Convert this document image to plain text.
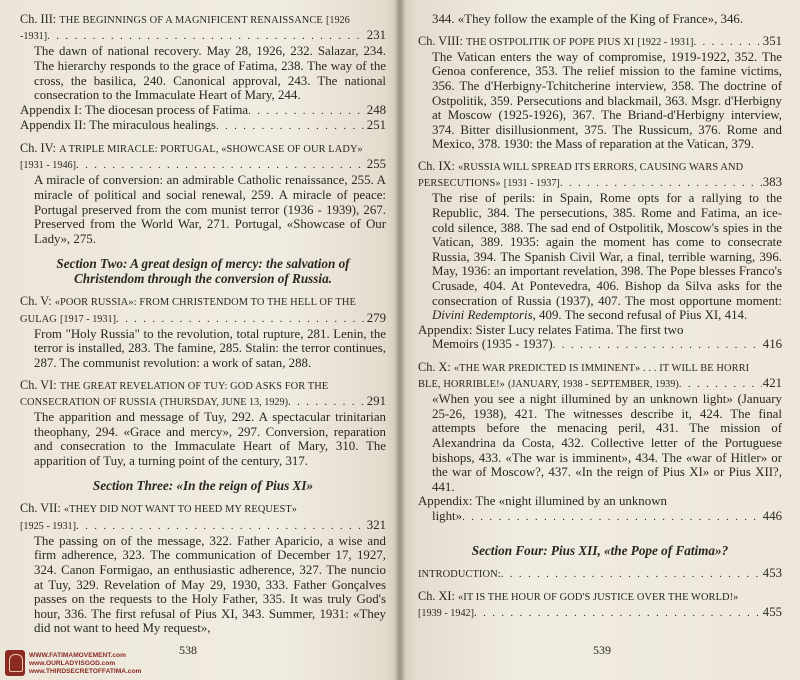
Ch. III: THE BEGINNINGS OF A MAGNIFICENT RENAISSANCE [1926
-1931] . . .	231
The dawn of national recovery. May 28, 1926, 232. Salazar, 234. The hierarchy responds to the grace of Fatima, 238. The way of the cross, the basilica, 240. Canonical approval, 243. The national consecration to the Immaculate Heart of Mary, 244.
Appendix I: The diocesan process of Fatima . . .	248
Appendix II: The miraculous healings . . .	251
Ch. IV: A TRIPLE MIRACLE: PORTUGAL, «SHOWCASE OF OUR LADY»
[1931 - 1946] . . .	255
A miracle of conversion: an admirable Catholic renaissance, 255. A miracle of political and social renewal, 259. A miracle of peace: Portugal preserved from the com munist terror (1936 - 1939), 267. Preserved from the World War, 271. Portugal, «Showcase of Our Lady», 275.
Section Two: A great design of mercy: the salvation of Christendom through the conversion of Russia.
Ch. V: «POOR RUSSIA»: FROM CHRISTENDOM TO THE HELL OF THE
GULAG
[1917 - 1931] . . .	279
From "Holy Russia" to the revolution, total rupture, 281. Lenin, the terror is installed, 283. The famine, 285. Stalin: the terror continues, 287. The communist revolution: a work of satan, 288.
Ch. VI: THE GREAT REVELATION OF TUY: GOD ASKS FOR THE
CONSECRATION OF RUSSIA
(THURSDAY, JUNE 13, 1929) . . .	291
The apparition and message of Tuy, 292. A spectacular trinitarian theophany, 294. «Grace and mercy», 297. Conversion, reparation and consecration to the Immaculate Heart of Mary, 310. The apparition of Tuy, a turning point of the century, 317.
Section Three: «In the reign of Pius XI»
Ch. VII: «THEY DID NOT WANT TO HEED MY REQUEST»
[1925 - 1931] . . .	321
The passing on of the message, 322. Father Aparicio, a wise and firm adherence, 323. The communication of December 17, 1927, 324. Canon Formigao, an enthusiastic adherence, 327. The nuncio at Tuy, 329. Revelation of May 29, 1930, 333. Father Gonçalves passes on the requests to the Holy Father, 335. It was truly God's hour, 336. The first refusal of Pius XI, 343. Summer, 1931: «They did not want to heed My request»,
538
WWW.FATIMAMOVEMENT.com
www.OURLADYISGOD.com
www.THIRDSECRETOFFATIMA.com
344. «They follow the example of the King of France», 346.
Ch. VIII:
THE OSTPOLITIK OF POPE PIUS XI
[1922 - 1931] . . .	351
The Vatican enters the way of compromise, 1919-1922, 352. The Genoa conference, 353. The relief mission to the famine victims, 356. The d'Herbigny-Tchitcherine interview, 358. The doctrine of Ostpolitik, 359. Persecutions and blackmail, 363. Msgr. d'Herbigny at Moscow (1925-1926), 367. The Briand-d'Herbigny interview, 374. Bitter disillusionment, 375. The Russicum, 376. Rome and Mexico, 378. 1930: the Mass of reparation at the Vatican, 379.
Ch. IX: «RUSSIA WILL SPREAD ITS ERRORS, CAUSING WARS AND
PERSECUTIONS»
[1931 - 1937] . . .	383
The rise of perils: in Spain, Rome opts for a rallying to the Republic, 384. The persecutions, 385. Rome and Fatima, an ice-cold silence, 388. The sad end of Ostpolitik, Moscow's spies in the Vatican, 389. 1935: again the moment has come to consecrate Russia, 394. The Spanish Civil War, a final, terrible warning, 396. May, 1936: an important revelation, 398. The Pope blesses Franco's Crusade, 404. At Pontevedra, 406. Bishop da Silva asks for the consecration of Russia (1937), 407. The most opportune moment: Divini Redemptoris, 409. The second refusal of Pius XI, 414.
Appendix: Sister Lucy relates Fatima. The first two
Memoirs (1935 - 1937) . . .	416
Ch. X: «THE WAR PREDICTED IS IMMINENT» . . . IT WILL BE HORRI
BLE, HORRIBLE!»
(JANUARY, 1938 - SEPTEMBER, 1939) . . .	421
«When you see a night illumined by an unknown light» (January 25-26, 1938), 421. The witnesses describe it, 424. The final attempts before the menacing peril, 431. The mission of Alexandrina da Costa, 432. Collective letter of the Portuguese bishops, 433. «The war is imminent», 434. The «war of Hitler» or the war of Moscow?, 437. «In the reign of Pius XI» or Pius XII?, 441.
Appendix: The «night illumined by an unknown
light» . . .	446
Section Four: Pius XII, «the Pope of Fatima»?
INTRODUCTION: . . .	453
Ch. XI: «IT IS THE HOUR OF GOD'S JUSTICE OVER THE WORLD!»
[1939 - 1942] . . .	455
539
